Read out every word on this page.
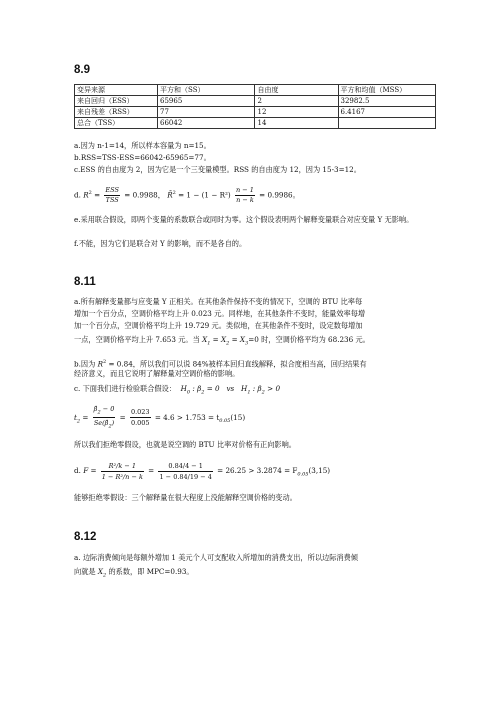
8.9
变异来源	平方和（SS）	自由度	平方和均值（MSS）
来自回归（ESS）	65965	2	32982.5
来自残差（RSS）	77	12	6.4167
总合（TSS）	66042	14	
a.因为 n-1=14，所以样本容量为 n=15。
b.RSS=TSS-ESS=66042-65965=77。
c.ESS 的自由度为 2，因为它是一个三变量模型。RSS 的自由度为 12，因为 15-3=12。
d. $R^2 = \frac{\text{ESS}}{\text{TSS}} = 0.9988$， R̄$^2$ = $1 - (1 - R^2) \frac{n - 1}{n - k} = 0.9986$。
e.采用联合假设，即两个变量的系数联合或同时为零。这个假设表明两个解释变量联合对应变量 Y 无影响。
f.不能，因为它们是联合对 Y 的影响，而不是各自的。
8.11
a.所有解释变量都与应变量 Y 正相关。在其他条件保持不变的情况下，空调的 BTU 比率每
增加一个百分点，空调价格平均上升 0.023 元。同样地，在其他条件不变时，能量效率每增
加一个百分点，空调价格平均上升 19.729 元。类似地，在其他条件不变时，设定数每增加
一点，空调价格平均上升 7.653 元。当 $X_1 = X_2 = X_3=0$ 时，空调价格平均为 68.236 元。
b.因为 $R^2 = 0.84$，所以我们可以说 84%被样本回归直线解释，拟合度相当高，回归结果有
经济意义，而且它说明了解释量对空调价格的影响。
c. 下面我们进行检验联合假设：  $H_0$ : $\beta_2 = 0$   vs   $H_1$ : $\beta_2 > 0$
$t_2 = \frac{\betâ_2 - 0}{Se(\betâ_2)} = \frac{0.023}{0.005} = 4.6 > 1.753 = t_{0.05}(15)$
所以我们拒绝零假设，也就是说空调的 BTU 比率对价格有正向影响。
d. $F = \frac{\text{R²/k − 1}}{\text{1 − R²/n − k}} = \frac{0.84/4 - 1}{1 - 0.84/19 - 4} = 26.25 > 3.2874 = F_{0.05}(3,15)$
能够拒绝零假设：三个解释量在很大程度上没能解释空调价格的变动。
8.12
a. 边际消费倾向是每额外增加 1 美元个人可支配收入所增加的消费支出，所以边际消费倾
向就是 $X_2$ 的系数，即 MPC=0.93。
